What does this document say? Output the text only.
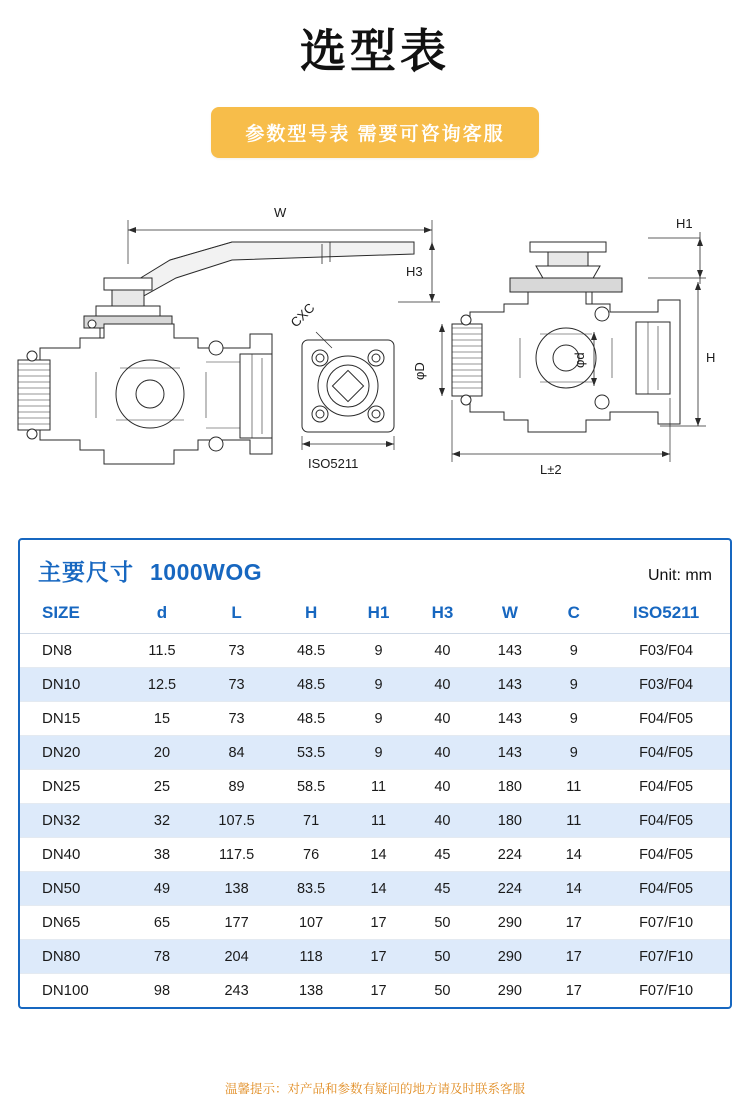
选型表
参数型号表 需要可咨询客服
W
H3
H1
H
φD
φd
L±2
CXC
ISO5211
主要尺寸 1000WOG	Unit: mm
SIZE	d	L	H	H1	H3	W	C	ISO5211
DN8	11.5	73	48.5	9	40	143	9	F03/F04
DN10	12.5	73	48.5	9	40	143	9	F03/F04
DN15	15	73	48.5	9	40	143	9	F04/F05
DN20	20	84	53.5	9	40	143	9	F04/F05
DN25	25	89	58.5	11	40	180	11	F04/F05
DN32	32	107.5	71	11	40	180	11	F04/F05
DN40	38	117.5	76	14	45	224	14	F04/F05
DN50	49	138	83.5	14	45	224	14	F04/F05
DN65	65	177	107	17	50	290	17	F07/F10
DN80	78	204	118	17	50	290	17	F07/F10
DN100	98	243	138	17	50	290	17	F07/F10
温馨提示：对产品和参数有疑问的地方请及时联系客服
